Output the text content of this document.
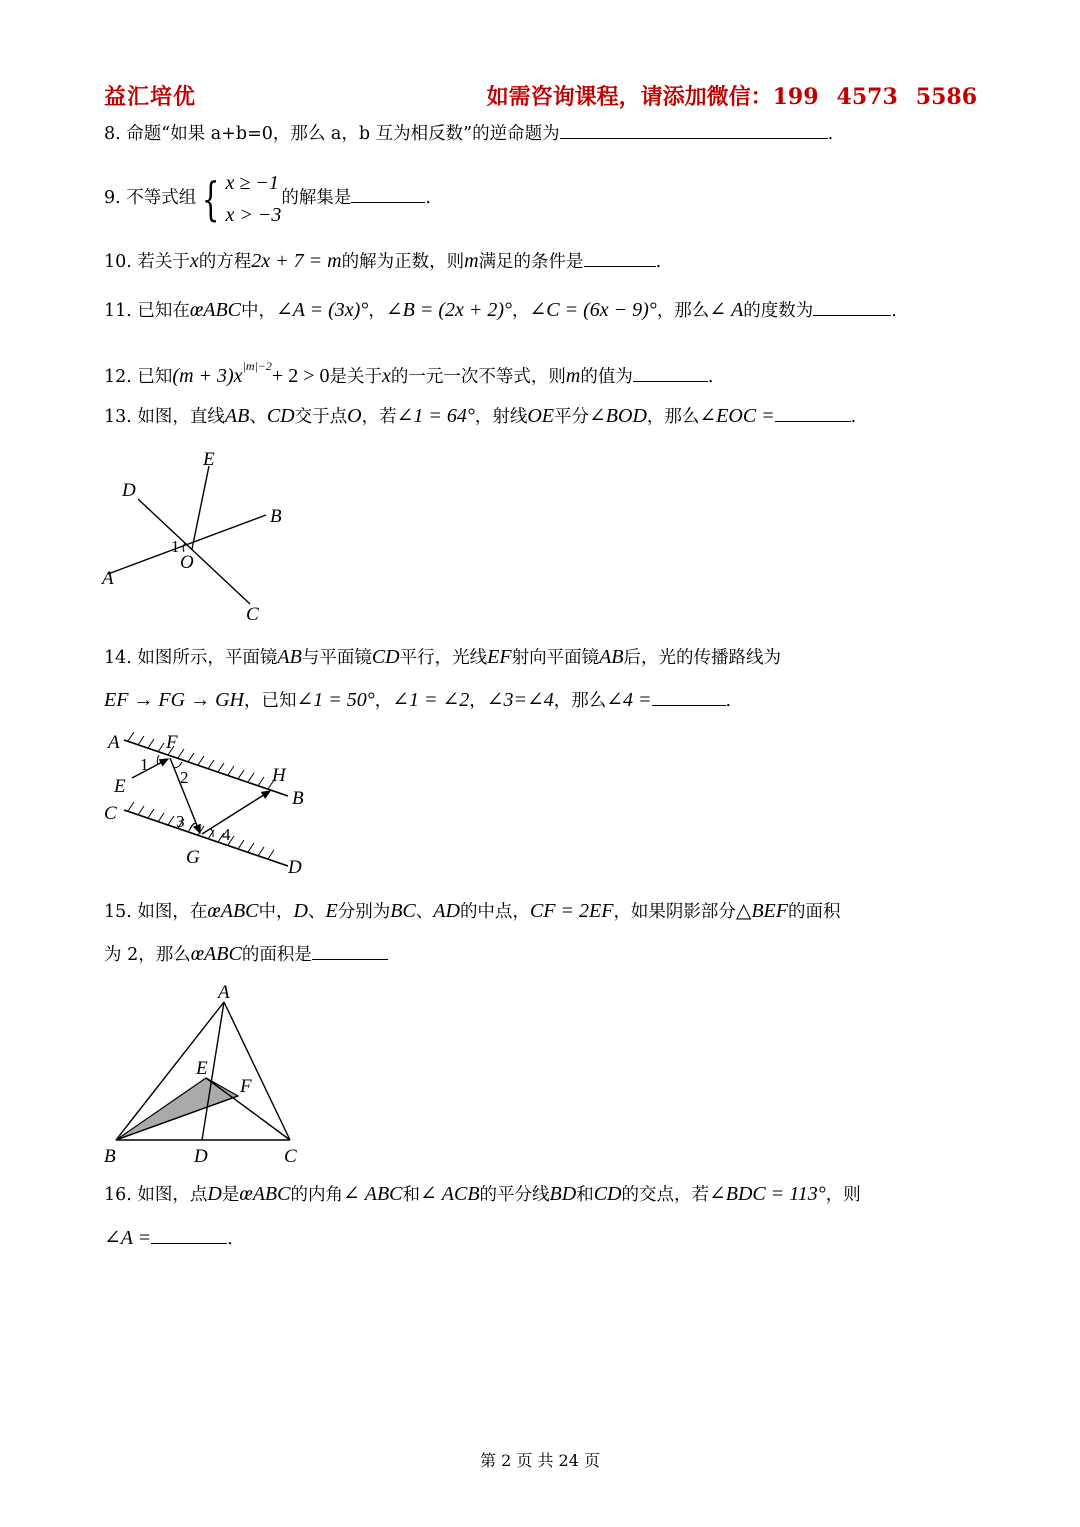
益汇培优	如需咨询课程，请添加微信：199 4573 5586
8. 命题“如果 a+b=0，那么 a，b 互为相反数”的逆命题为	.
9. 不等式组 { x ≥ −1
x > −3
的解集是	.
10. 若关于x的方程2x + 7 = m的解为正数，则m满足的条件是	.
11. 已知在œABC中，∠A = (3x)°，∠B = (2x + 2)°，∠C = (6x − 9)°，那么∠ A的度数为	.
12. 已知$(m + 3)x^{|m|-2}+ 2 > 0$是关于x的一元一次不等式，则m的值为	.
13. 如图，直线AB、CD交于点O，若∠1 = 64°，射线OE平分∠BOD，那么∠EOC =	.
E
D
B
1
O
A
C
14. 如图所示，平面镜AB与平面镜CD平行，光线EF射向平面镜AB后，光的传播路线为
EF → FG → GH，已知∠1 = 50°，∠1 = ∠2，∠3=∠4，那么∠4 =	.
A F
1
2
E
H
B
C	3
4
G	D
15. 如图，在œABC中，D、E分别为BC、AD的中点，CF = 2EF，如果阴影部分△BEF的面积
为 2，那么œABC的面积是
A
E
F
B	D	C
16. 如图，点D是œABC的内角∠ ABC和∠ ACB的平分线BD和CD的交点，若∠BDC = 113°，则
∠A =	.
第 2 页 共 24 页
